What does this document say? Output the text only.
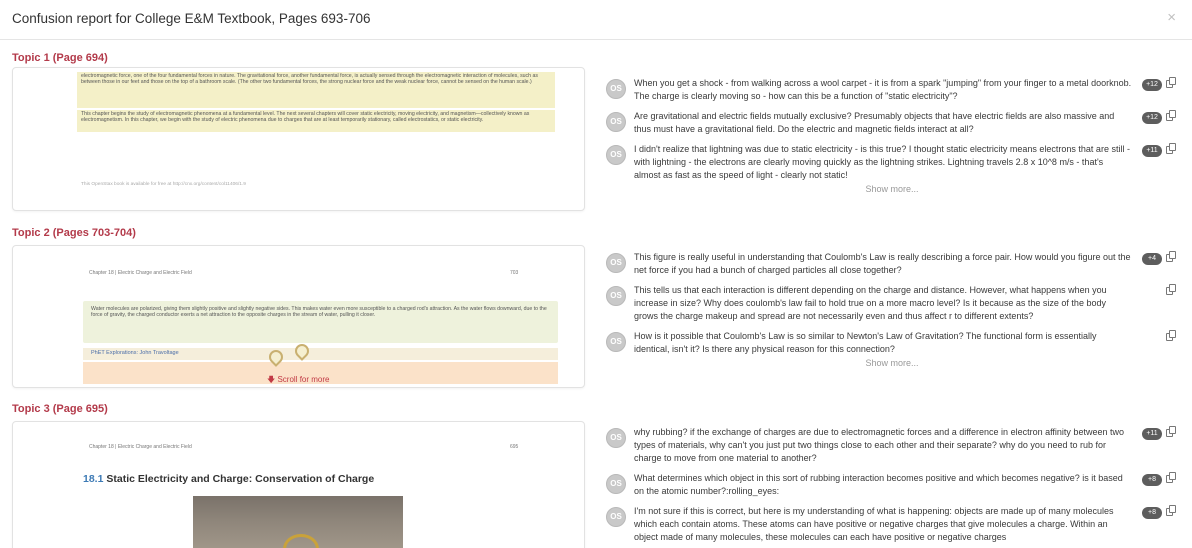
Confusion report for College E&M Textbook, Pages 693-706	×
Topic 1 (Page 694)
electromagnetic force, one of the four fundamental forces in nature. The gravitational force, another fundamental force, is actually sensed through the electromagnetic interaction of molecules, such as between those in our feet and those on the top of a bathroom scale. (The other two fundamental forces, the strong nuclear force and the weak nuclear force, cannot be sensed on the human scale.)
This chapter begins the study of electromagnetic phenomena at a fundamental level. The next several chapters will cover static electricity, moving electricity, and magnetism—collectively known as electromagnetism. In this chapter, we begin with the study of electric phenomena due to charges that are at least temporarily stationary, called electrostatics, or static electricity.
This OpenStax book is available for free at http://cnx.org/content/col11406/1.9
OS
When you get a shock - from walking across a wool carpet - it is from a spark "jumping" from your finger to a metal doorknob. The charge is clearly moving so - how can this be a function of "static electricity"?
+12
OS
Are gravitational and electric fields mutually exclusive? Presumably objects that have electric fields are also massive and thus must have a gravitational field. Do the electric and magnetic fields interact at all?
+12
OS
I didn't realize that lightning was due to static electricity - is this true? I thought static electricity means electrons that are still - with lightning - the electrons are clearly moving quickly as the lightning strikes. Lightning travels 2.8 x 10^8 m/s - that's almost as fast as the speed of light - clearly not static!
+11
Show more...
Topic 2 (Pages 703-704)
Chapter 18 | Electric Charge and Electric Field	703
Water molecules are polarized, giving them slightly positive and slightly negative sides. This makes water even more susceptible to a charged rod's attraction. As the water flows downward, due to the force of gravity, the charged conductor exerts a net attraction to the opposite charges in the stream of water, pulling it closer.
PhET Explorations: John Travoltage
🡇 Scroll for more
OS
This figure is really useful in understanding that Coulomb's Law is really describing a force pair. How would you figure out the net force if you had a bunch of charged particles all close together?
+4
OS
This tells us that each interaction is different depending on the charge and distance. However, what happens when you increase in size? Why does coulomb's law fail to hold true on a more macro level? Is it because as the size of the body grows the charge makeup and spread are not necessarily even and thus affect r to different extents?
OS
How is it possible that Coulomb's Law is so similar to Newton's Law of Gravitation? The functional form is essentially identical, isn't it? Is there any physical reason for this connection?
Show more...
Topic 3 (Page 695)
Chapter 18 | Electric Charge and Electric Field	695
18.1 Static Electricity and Charge: Conservation of Charge
OS
why rubbing? if the exchange of charges are due to electromagnetic forces and a difference in electron affinity between two types of materials, why can't you just put two things close to each other and their separate? why do you need to rub for charge to move from one material to another?
+11
OS
What determines which object in this sort of rubbing interaction becomes positive and which becomes negative? is it based on the atomic number?:rolling_eyes:
+8
OS
I'm not sure if this is correct, but here is my understanding of what is happening: objects are made up of many molecules which each contain atoms. These atoms can have positive or negative charges that give molecules a charge. Within an object made of many molecules, these molecules can each have positive or negative charges
+8
